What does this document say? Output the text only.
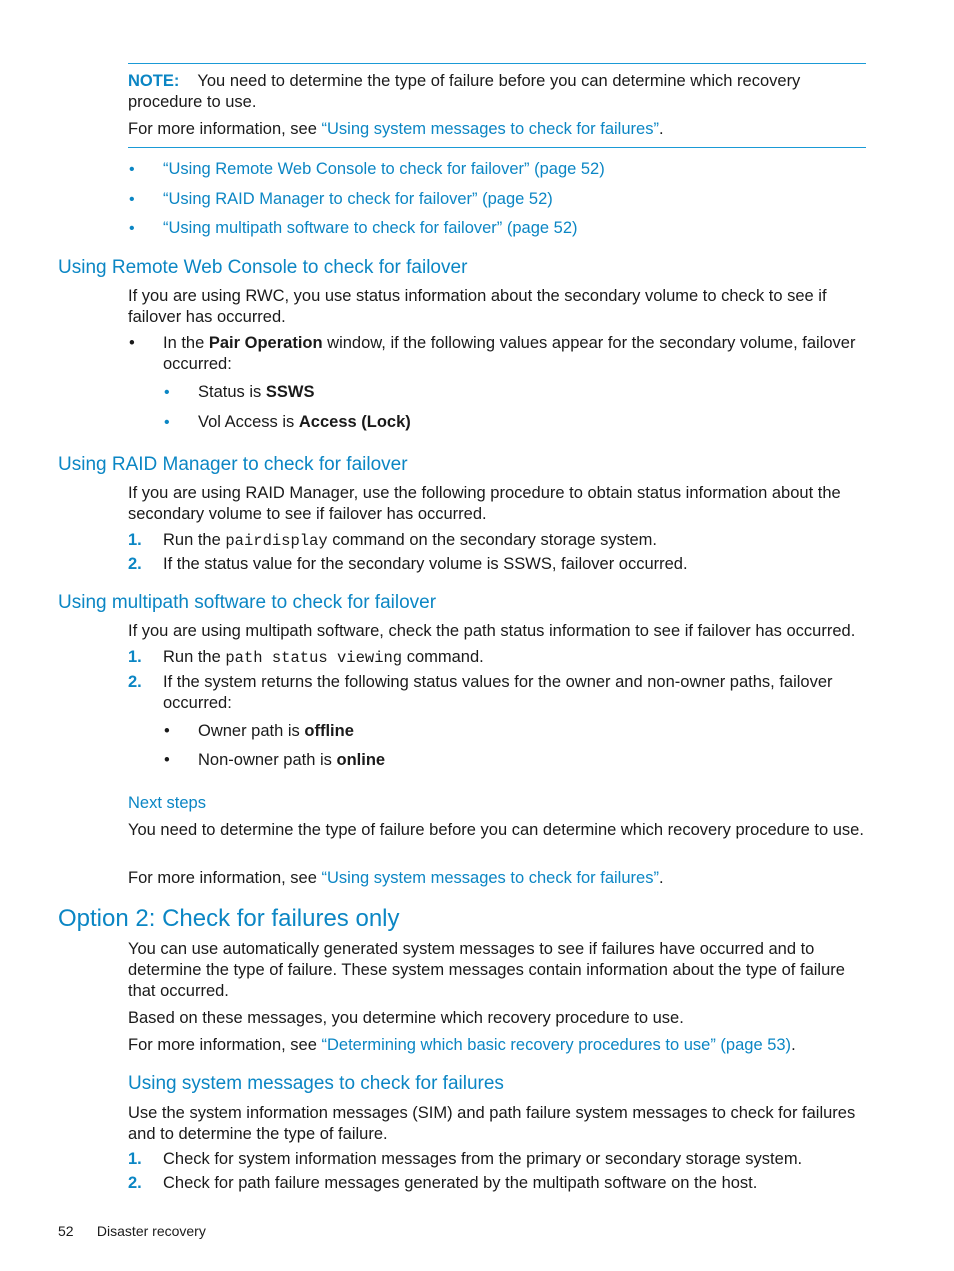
NOTE: You need to determine the type of failure before you can determine which recovery procedure to use.
For more information, see “Using system messages to check for failures”.
• “Using Remote Web Console to check for failover” (page 52)
• “Using RAID Manager to check for failover” (page 52)
• “Using multipath software to check for failover” (page 52)
Using Remote Web Console to check for failover
If you are using RWC, you use status information about the secondary volume to check to see if failover has occurred.
• In the Pair Operation window, if the following values appear for the secondary volume, failover occurred:
• Status is SSWS
• Vol Access is Access (Lock)
Using RAID Manager to check for failover
If you are using RAID Manager, use the following procedure to obtain status information about the secondary volume to see if failover has occurred.
1. Run the pairdisplay command on the secondary storage system.
2. If the status value for the secondary volume is SSWS, failover occurred.
Using multipath software to check for failover
If you are using multipath software, check the path status information to see if failover has occurred.
1. Run the path status viewing command.
2. If the system returns the following status values for the owner and non-owner paths, failover occurred:
• Owner path is offline
• Non-owner path is online
Next steps
You need to determine the type of failure before you can determine which recovery procedure to use.
For more information, see “Using system messages to check for failures”.
Option 2: Check for failures only
You can use automatically generated system messages to see if failures have occurred and to determine the type of failure. These system messages contain information about the type of failure that occurred.
Based on these messages, you determine which recovery procedure to use.
For more information, see “Determining which basic recovery procedures to use” (page 53).
Using system messages to check for failures
Use the system information messages (SIM) and path failure system messages to check for failures and to determine the type of failure.
1. Check for system information messages from the primary or secondary storage system.
2. Check for path failure messages generated by the multipath software on the host.
52 Disaster recovery
